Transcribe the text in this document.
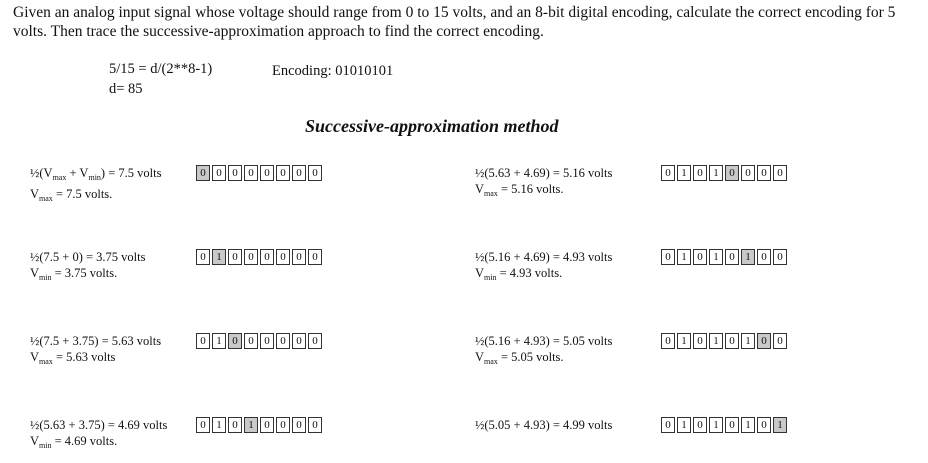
Given an analog input signal whose voltage should range from 0 to 15 volts, and an 8-bit digital encoding, calculate the correct encoding for 5 volts. Then trace the successive-approximation approach to find the correct encoding.

5/15 = d/(2**8-1)
d= 85
Encoding: 01010101
Successive-approximation method
$\frac{1}{2}(V_{max} + V_{min}) = 7.5$ volts
$V_{max} = 7.5$ volts.
0 0 0 0 0 0 0 0
½(7.5 + 0) = 3.75 volts
$V_{min} = 3.75$ volts.
0 1 0 0 0 0 0 0
½(7.5 + 3.75) = 5.63 volts
$V_{max} = 5.63$ volts
0 1 0 0 0 0 0 0
½(5.63 + 3.75) = 4.69 volts
$V_{min} = 4.69$ volts.
0 1 0 1 0 0 0 0
½(5.63 + 4.69) = 5.16 volts
$V_{max} = 5.16$ volts.
0 1 0 1 0 0 0 0
½(5.16 + 4.69) = 4.93 volts
$V_{min} = 4.93$ volts.
0 1 0 1 0 1 0 0
½(5.16 + 4.93) = 5.05 volts
$V_{max} = 5.05$ volts.
0 1 0 1 0 1 0 0
½(5.05 + 4.93) = 4.99 volts	0 1 0 1 0 1 0 1
